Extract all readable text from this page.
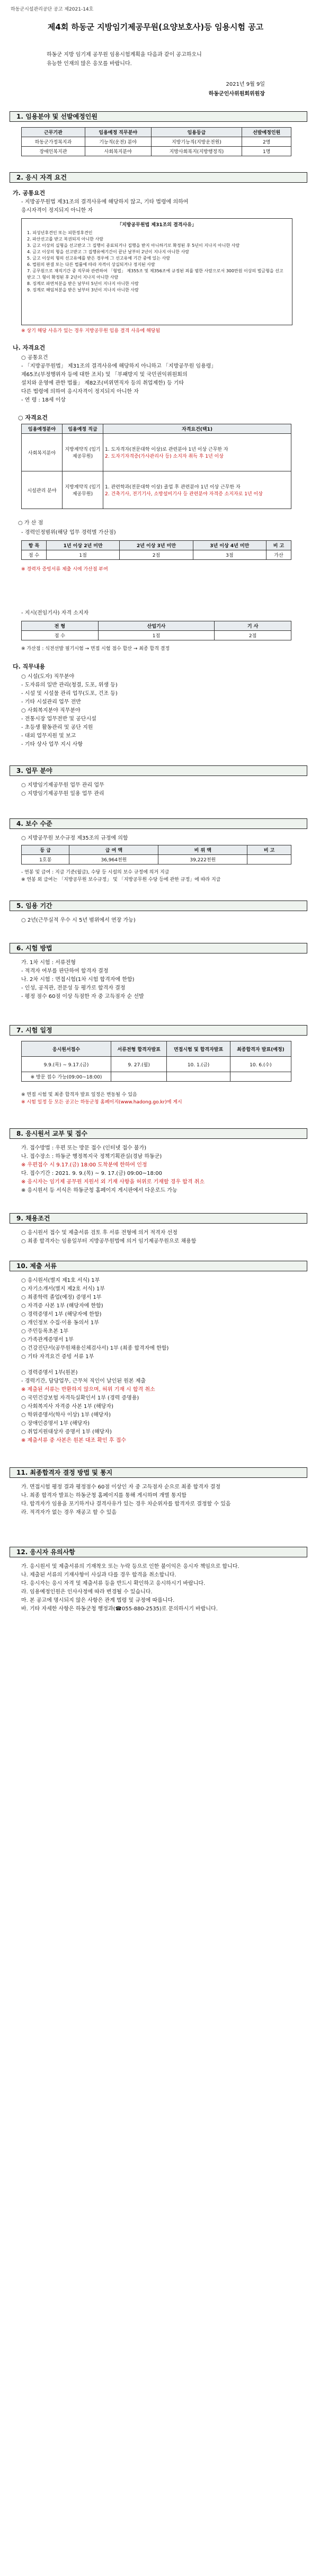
하동군시설관리공단 공고 제2021-14호
제4회 하동군 지방임기제공무원(요양보호사)등 임용시험 공고
하동군 지방 임기제 공무원 임용시험계획을 다음과 같이 공고하오니
유능한 인재의 많은 응모를 바랍니다.
2021년 9월 9일
하동군인사위원회위원장
1. 임용분야 및 선발예정인원
근무기관	임용예정 직무분야	임용등급	선발예정인원
하동군가정복지과	기능직(운전) 분야	지방기능직(지방운전원)	2명
장애인복지관	사회복지분야	지방사회복지(지방행정직)	1명
2. 응시 자격 요건
가. 공통요건
- 지방공무원법 제31조의 결격사유에 해당하지 않고, 기타 법령에 의하여
응시자격이 정지되지 아니한 자
「지방공무원법 제31조의 결격사유」
1. 피성년후견인 또는 피한정후견인
2. 파산선고를 받고 복권되지 아니한 사람
3. 금고 이상의 실형을 선고받고 그 집행이 종료되거나 집행을 받지 아니하기로 확정된 후 5년이 지나지 아니한 사람
4. 금고 이상의 형을 선고받고 그 집행유예기간이 끝난 날부터 2년이 지나지 아니한 사람
5. 금고 이상의 형의 선고유예를 받은 경우에 그 선고유예 기간 중에 있는 사람
6. 법원의 판결 또는 다른 법률에 따라 자격이 상실되거나 정지된 사람
7. 공무원으로 재직기간 중 직무와 관련하여 「형법」 제355조 및 제356조에 규정된 죄를 범한 사람으로서 300만원 이상의 벌금형을 선고받고 그 형이 확정된 후 2년이 지나지 아니한 사람
8. 징계로 파면처분을 받은 날부터 5년이 지나지 아니한 사람
9. 징계로 해임처분을 받은 날부터 3년이 지나지 아니한 사람
※ 상기 해당 사유가 있는 경우 지방공무원 임용 결격 사유에 해당됨
나. 자격요건
○ 공통요건
- 「지방공무원법」 제31조의 결격사유에 해당하지 아니하고 「지방공무원 임용령」
제65조(부정행위자 등에 대한 조치) 및 「부패방지 및 국민권익위원회의
설치와 운영에 관한 법률」 제82조(비위면직자 등의 취업제한) 등 기타
다른 법령에 의하여 응시자격이 정지되지 아니한 자
- 연 령 : 18세 이상
○ 자격요건
임용예정분야	임용예정 직급	자격요건(택1)
사회복지분야	지방계약직 (임기제공무원)	1. 도자격자(전문대학 이상)로 관련분야 1년 이상 근무한 자
2. 도자기자격증(가사관리사 등) 소지자 취득 후 1년 이상

시설관리 분야	지방계약직 (임기제공무원)	1. 관련학과(전문대학 이상) 졸업 후 관련분야 1년 이상 근무한 자
2. 건축기사, 전기기사, 소방설비기사 등 관련분야 자격증 소지자로 1년 이상
○ 가 산 점
- 경력인정범위(해당 업무 경력별 가산점)
항 목	1년 이상 2년 미만	2년 이상 3년 미만	3년 이상 4년 미만	비 고
점 수	1점	2점	3점	가산
※ 경력자 증빙서류 제출 시에 가산점 부여
- 지시(전임기사) 자격 소지자
전 형	산업기사	기 사
점 수	1점	2점
※ 가산점 : 식전선발 필기시험 → 면접 시험 점수 합산 → 최종 합격 결정
다. 직무내용
○ 시설(도자) 직무분야
- 도자류의 일반 관리(청결, 도포, 위생 등)
- 시설 및 시설물 관리 업무(도포, 건조 등)
- 기타 시설관리 업무 전반
○ 사회복지분야 직무분야
- 전통시장 업무전반 및 공단시설
- 초등생 활동관리 및 공단 지원
- 대외 업무지원 및 보고
- 기타 상사 업무 지시 사항
3. 업무 분야
○ 지방임기제공무원 업무 관리 업무
○ 지방임기제공무원 일용 업무 관리
4. 보수 수준
○ 지방공무원 보수규정 제35조의 규정에 의함
등 급	급 여 액	비 위 액	비 고
1호봉	36,964천원	39,222천원	
- 연봉 및 급여 : 지급 기준(월급), 수당 등 시설의 보수 규정에 의거 지급
※ 연봉 외 급여는 「지방공무원 보수규정」 및 「지방공무원 수당 등에 관한 규정」에 따라 지급
5. 임용 기간
○ 2년(근무실적 우수 시 5년 범위에서 연장 가능)
6. 시험 방법
가. 1차 시험 : 서류전형
- 적격자 여부를 판단하여 합격자 결정
나. 2차 시험 : 면접시험(1차 시험 합격자에 한함)
- 인성, 공직관, 전문성 등 평가로 합격자 결정
- 평정 점수 60점 이상 득점한 자 중 고득점자 순 선발
7. 시험 일정
응시원서접수	서류전형 합격자발표	면접시험 및 합격자발표	최종합격자 발표(예정)
9.9.(목) ~ 9.17.(금)	9. 27.(월)	10. 1.(금)	10. 6.(수)
※ 방문 접수 가능(09:00~18:00)			
※ 면접 시험 및 최종 합격자 발표 일정은 변동될 수 있음
※ 시험 일정 등 모든 공고는 하동군청 홈페이지(www.hadong.go.kr)에 게시
8. 응시원서 교부 및 접수
가. 접수방법 : 우편 또는 방문 접수 (인터넷 접수 불가)
나. 접수장소 : 하동군 행정복지국 정책기획관실(경남 하동군)
※ 우편접수 시 9.17.(금) 18:00 도착분에 한하여 인정
다. 접수기간 : 2021. 9. 9.(목) ~ 9. 17.(금) 09:00~18:00
※ 응시자는 임기제 공무원 지원서 외 기재 사항을 허위로 기재할 경우 합격 취소
※ 응시원서 등 서식은 하동군청 홈페이지 게시판에서 다운로드 가능
9. 채용조건
○ 응시원서 접수 및 제출서류 검토 후 서류 전형에 의거 적격자 선정
○ 최종 합격자는 임용일부터 지방공무원법에 의거 임기제공무원으로 채용함
10. 제출 서류
○ 응시원서(별지 제1호 서식) 1부
○ 자기소개서(별지 제2호 서식) 1부
○ 최종학력 졸업(예정) 증명서 1부
○ 자격증 사본 1부 (해당자에 한함)
○ 경력증명서 1부 (해당자에 한함)
○ 개인정보 수집·이용 동의서 1부
○ 주민등록초본 1부
○ 가족관계증명서 1부
○ 건강진단서(공무원채용신체검사서) 1부 (최종 합격자에 한함)
○ 기타 자격요건 증빙 서류 1부
○ 경력증명서 1부(원본)
- 경력기간, 담당업무, 근무처 직인이 날인된 원본 제출
※ 제출된 서류는 반환하지 않으며, 허위 기재 시 합격 취소
○ 국민건강보험 자격득실확인서 1부 (경력 증명용)
○ 사회복지사 자격증 사본 1부 (해당자)
○ 학위증명서(학사 이상) 1부 (해당자)
○ 장애인증명서 1부 (해당자)
○ 취업지원대상자 증명서 1부 (해당자)
※ 제출서류 중 사본은 원본 대조 확인 후 접수
11. 최종합격자 결정 방법 및 통지
가. 면접시험 평정 결과 평정점수 60점 이상인 자 중 고득점자 순으로 최종 합격자 결정
나. 최종 합격자 발표는 하동군청 홈페이지를 통해 게시하며 개별 통지함
다. 합격자가 임용을 포기하거나 결격사유가 있는 경우 차순위자를 합격자로 결정할 수 있음
라. 적격자가 없는 경우 재공고 할 수 있음
12. 응시자 유의사항
가. 응시원서 및 제출서류의 기재착오 또는 누락 등으로 인한 불이익은 응시자 책임으로 합니다.
나. 제출된 서류의 기재사항이 사실과 다를 경우 합격을 취소합니다.
다. 응시자는 응시 자격 및 제출서류 등을 반드시 확인하고 응시하시기 바랍니다.
라. 임용예정인원은 인사사정에 따라 변경될 수 있습니다.
마. 본 공고에 명시되지 않은 사항은 관계 법령 및 규정에 따릅니다.
바. 기타 자세한 사항은 하동군청 행정과(☎055-880-2535)로 문의하시기 바랍니다.
